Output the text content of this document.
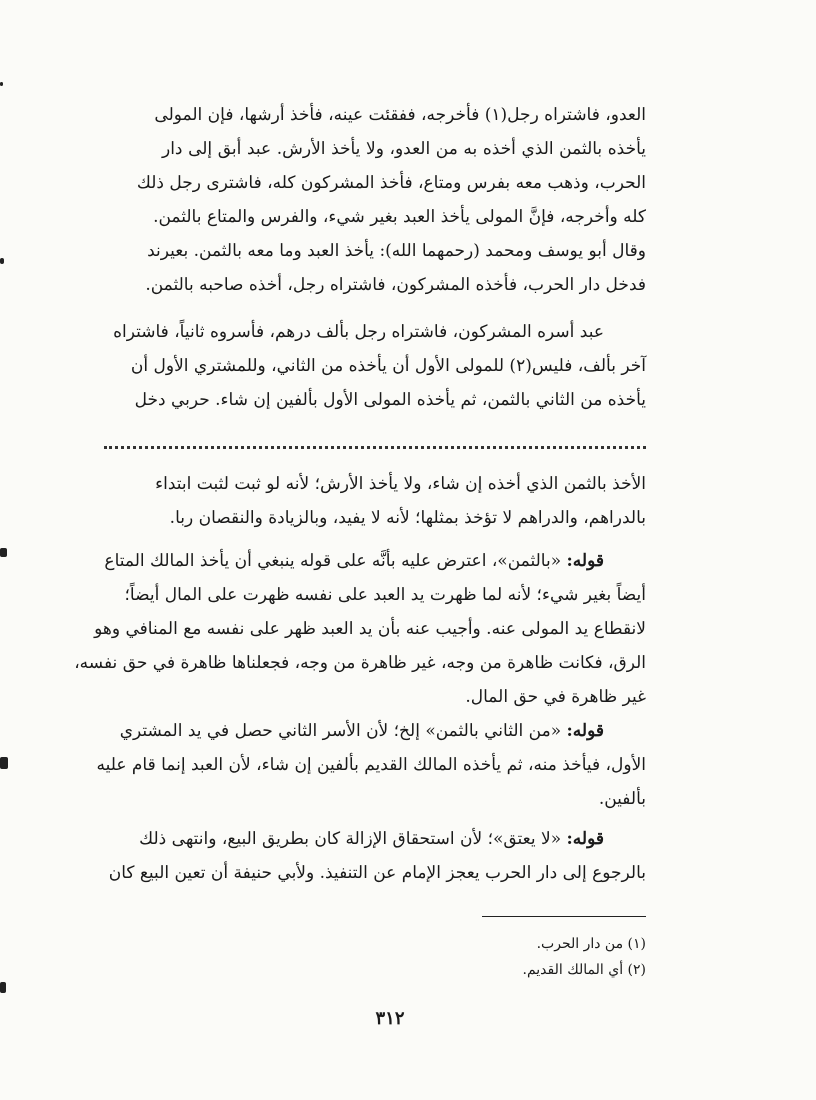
العدو، فاشتراه رجل(١) فأخرجه، ففقئت عينه، فأخذ أرشها، فإن المولى
يأخذه بالثمن الذي أخذه به من العدو، ولا يأخذ الأرش. عبد أبق إلى دار
الحرب، وذهب معه بفرس ومتاع، فأخذ المشركون كله، فاشترى رجل ذلك
كله وأخرجه، فإنَّ المولى يأخذ العبد بغير شيء، والفرس والمتاع بالثمن.
وقال أبو يوسف ومحمد (رحمهما الله): يأخذ العبد وما معه بالثمن. بعيرند
فدخل دار الحرب، فأخذه المشركون، فاشتراه رجل، أخذه صاحبه بالثمن.
عبد أسره المشركون، فاشتراه رجل بألف درهم، فأسروه ثانياً، فاشتراه
آخر بألف، فليس(٢) للمولى الأول أن يأخذه من الثاني، وللمشتري الأول أن
يأخذه من الثاني بالثمن، ثم يأخذه المولى الأول بألفين إن شاء. حربي دخل
الأخذ بالثمن الذي أخذه إن شاء، ولا يأخذ الأرش؛ لأنه لو ثبت لثبت ابتداء
بالدراهم، والدراهم لا تؤخذ بمثلها؛ لأنه لا يفيد، وبالزيادة والنقصان ربا.
قوله: «بالثمن»، اعترض عليه بأنَّه على قوله ينبغي أن يأخذ المالك المتاع
أيضاً بغير شيء؛ لأنه لما ظهرت يد العبد على نفسه ظهرت على المال أيضاً؛
لانقطاع يد المولى عنه. وأجيب عنه بأن يد العبد ظهر على نفسه مع المنافي وهو
الرق، فكانت ظاهرة من وجه، غير ظاهرة من وجه، فجعلناها ظاهرة في حق نفسه،
غير ظاهرة في حق المال.
قوله: «من الثاني بالثمن» إلخ؛ لأن الأسر الثاني حصل في يد المشتري
الأول، فيأخذ منه، ثم يأخذه المالك القديم بألفين إن شاء، لأن العبد إنما قام عليه
بألفين.
قوله: «لا يعتق»؛ لأن استحقاق الإزالة كان بطريق البيع، وانتهى ذلك
بالرجوع إلى دار الحرب يعجز الإمام عن التنفيذ. ولأبي حنيفة أن تعين البيع كان
(١) من دار الحرب.
(٢) أي المالك القديم.
٣١٢
